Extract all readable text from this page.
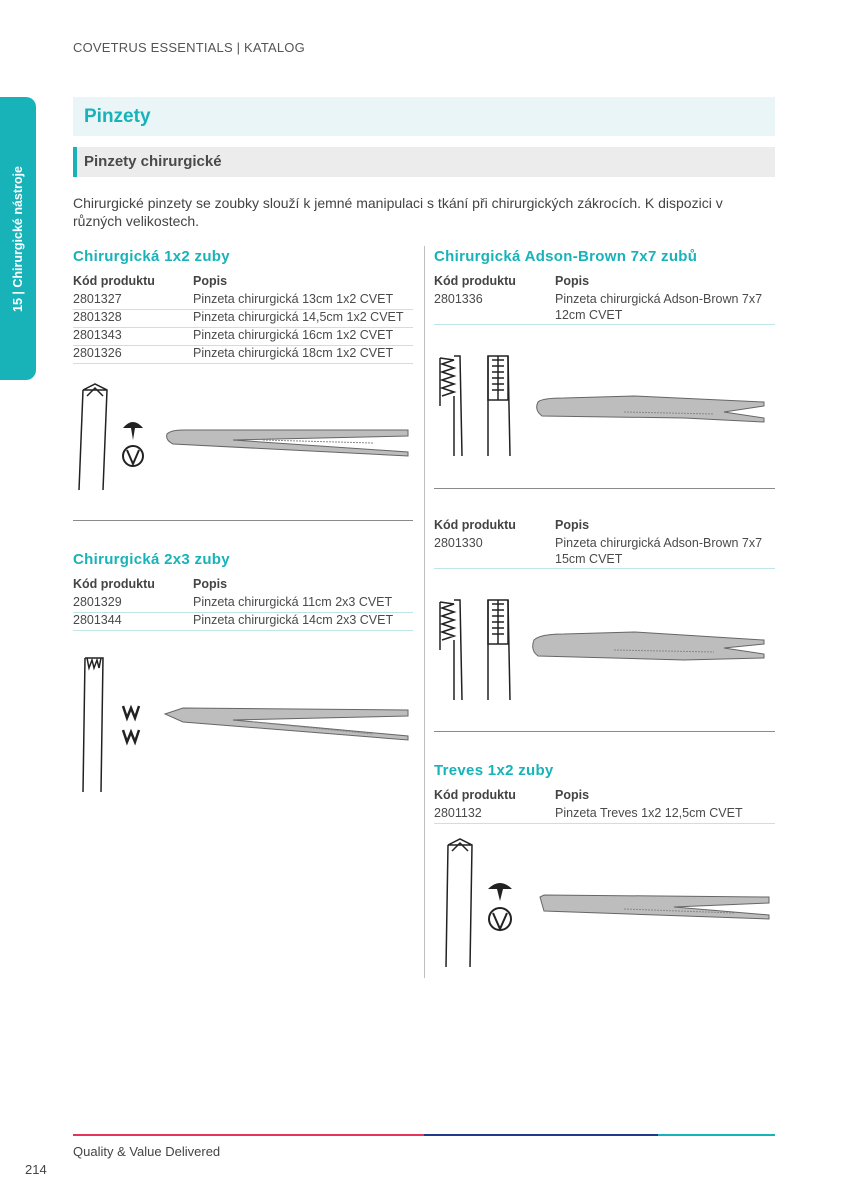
COVETRUS ESSENTIALS | KATALOG
15 | Chirurgické nástroje
Pinzety
Pinzety chirurgické
Chirurgické pinzety se zoubky slouží k jemné manipulaci s tkání při chirurgických zákrocích. K dispozici v různých velikostech.
Chirurgická 1x2 zuby
Kód produktu	Popis
2801327	Pinzeta chirurgická 13cm 1x2 CVET
2801328	Pinzeta chirurgická 14,5cm 1x2 CVET
2801343	Pinzeta chirurgická 16cm 1x2 CVET
2801326	Pinzeta chirurgická 18cm 1x2 CVET
Chirurgická 2x3 zuby
Kód produktu	Popis
2801329	Pinzeta chirurgická 11cm 2x3 CVET
2801344	Pinzeta chirurgická 14cm 2x3 CVET
Chirurgická Adson-Brown 7x7 zubů
Kód produktu	Popis
2801336	Pinzeta chirurgická Adson-Brown 7x7
12cm CVET
Kód produktu	Popis
2801330	Pinzeta chirurgická Adson-Brown 7x7
15cm CVET
Treves 1x2 zuby
Kód produktu	Popis
2801132	Pinzeta Treves 1x2 12,5cm CVET
Quality & Value Delivered
214
